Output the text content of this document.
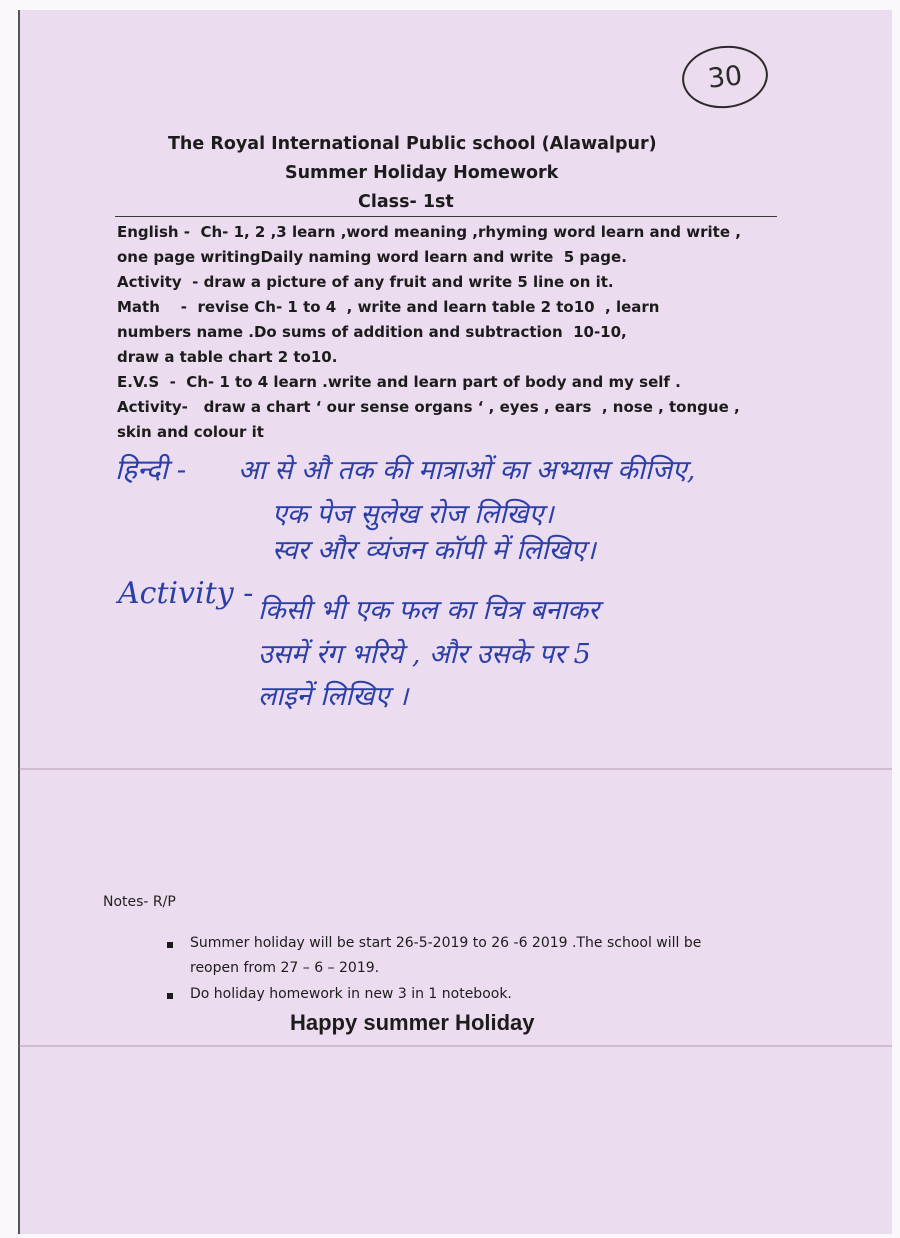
30
The Royal International Public school (Alawalpur)
Summer Holiday Homework
Class- 1st
English -  Ch- 1, 2 ,3 learn ,word meaning ,rhyming word learn and write ,
one page writingDaily naming word learn and write  5 page.
Activity  - draw a picture of any fruit and write 5 line on it.
Math    -  revise Ch- 1 to 4  , write and learn table 2 to10  , learn
numbers name .Do sums of addition and subtraction  10-10,
draw a table chart 2 to10.
E.V.S  -  Ch- 1 to 4 learn .write and learn part of body and my self .
Activity-   draw a chart ‘ our sense organs ‘ , eyes , ears  , nose , tongue ,
skin and colour it
हिन्दी - आ से औ तक की मात्राओं का अभ्यास कीजिए,
एक पेज सुलेख रोज लिखिए।
स्वर और व्यंजन कॉपी में लिखिए।
Activity - किसी भी एक फल का चित्र बनाकर
उसमें रंग भरिये , और उसके पर 5
लाइनें लिखिए ।
Notes- R/P
Summer holiday will be start 26-5-2019 to 26 -6 2019 .The school will be
reopen from 27 – 6 – 2019.
Do holiday homework in new 3 in 1 notebook.
Happy summer Holiday
